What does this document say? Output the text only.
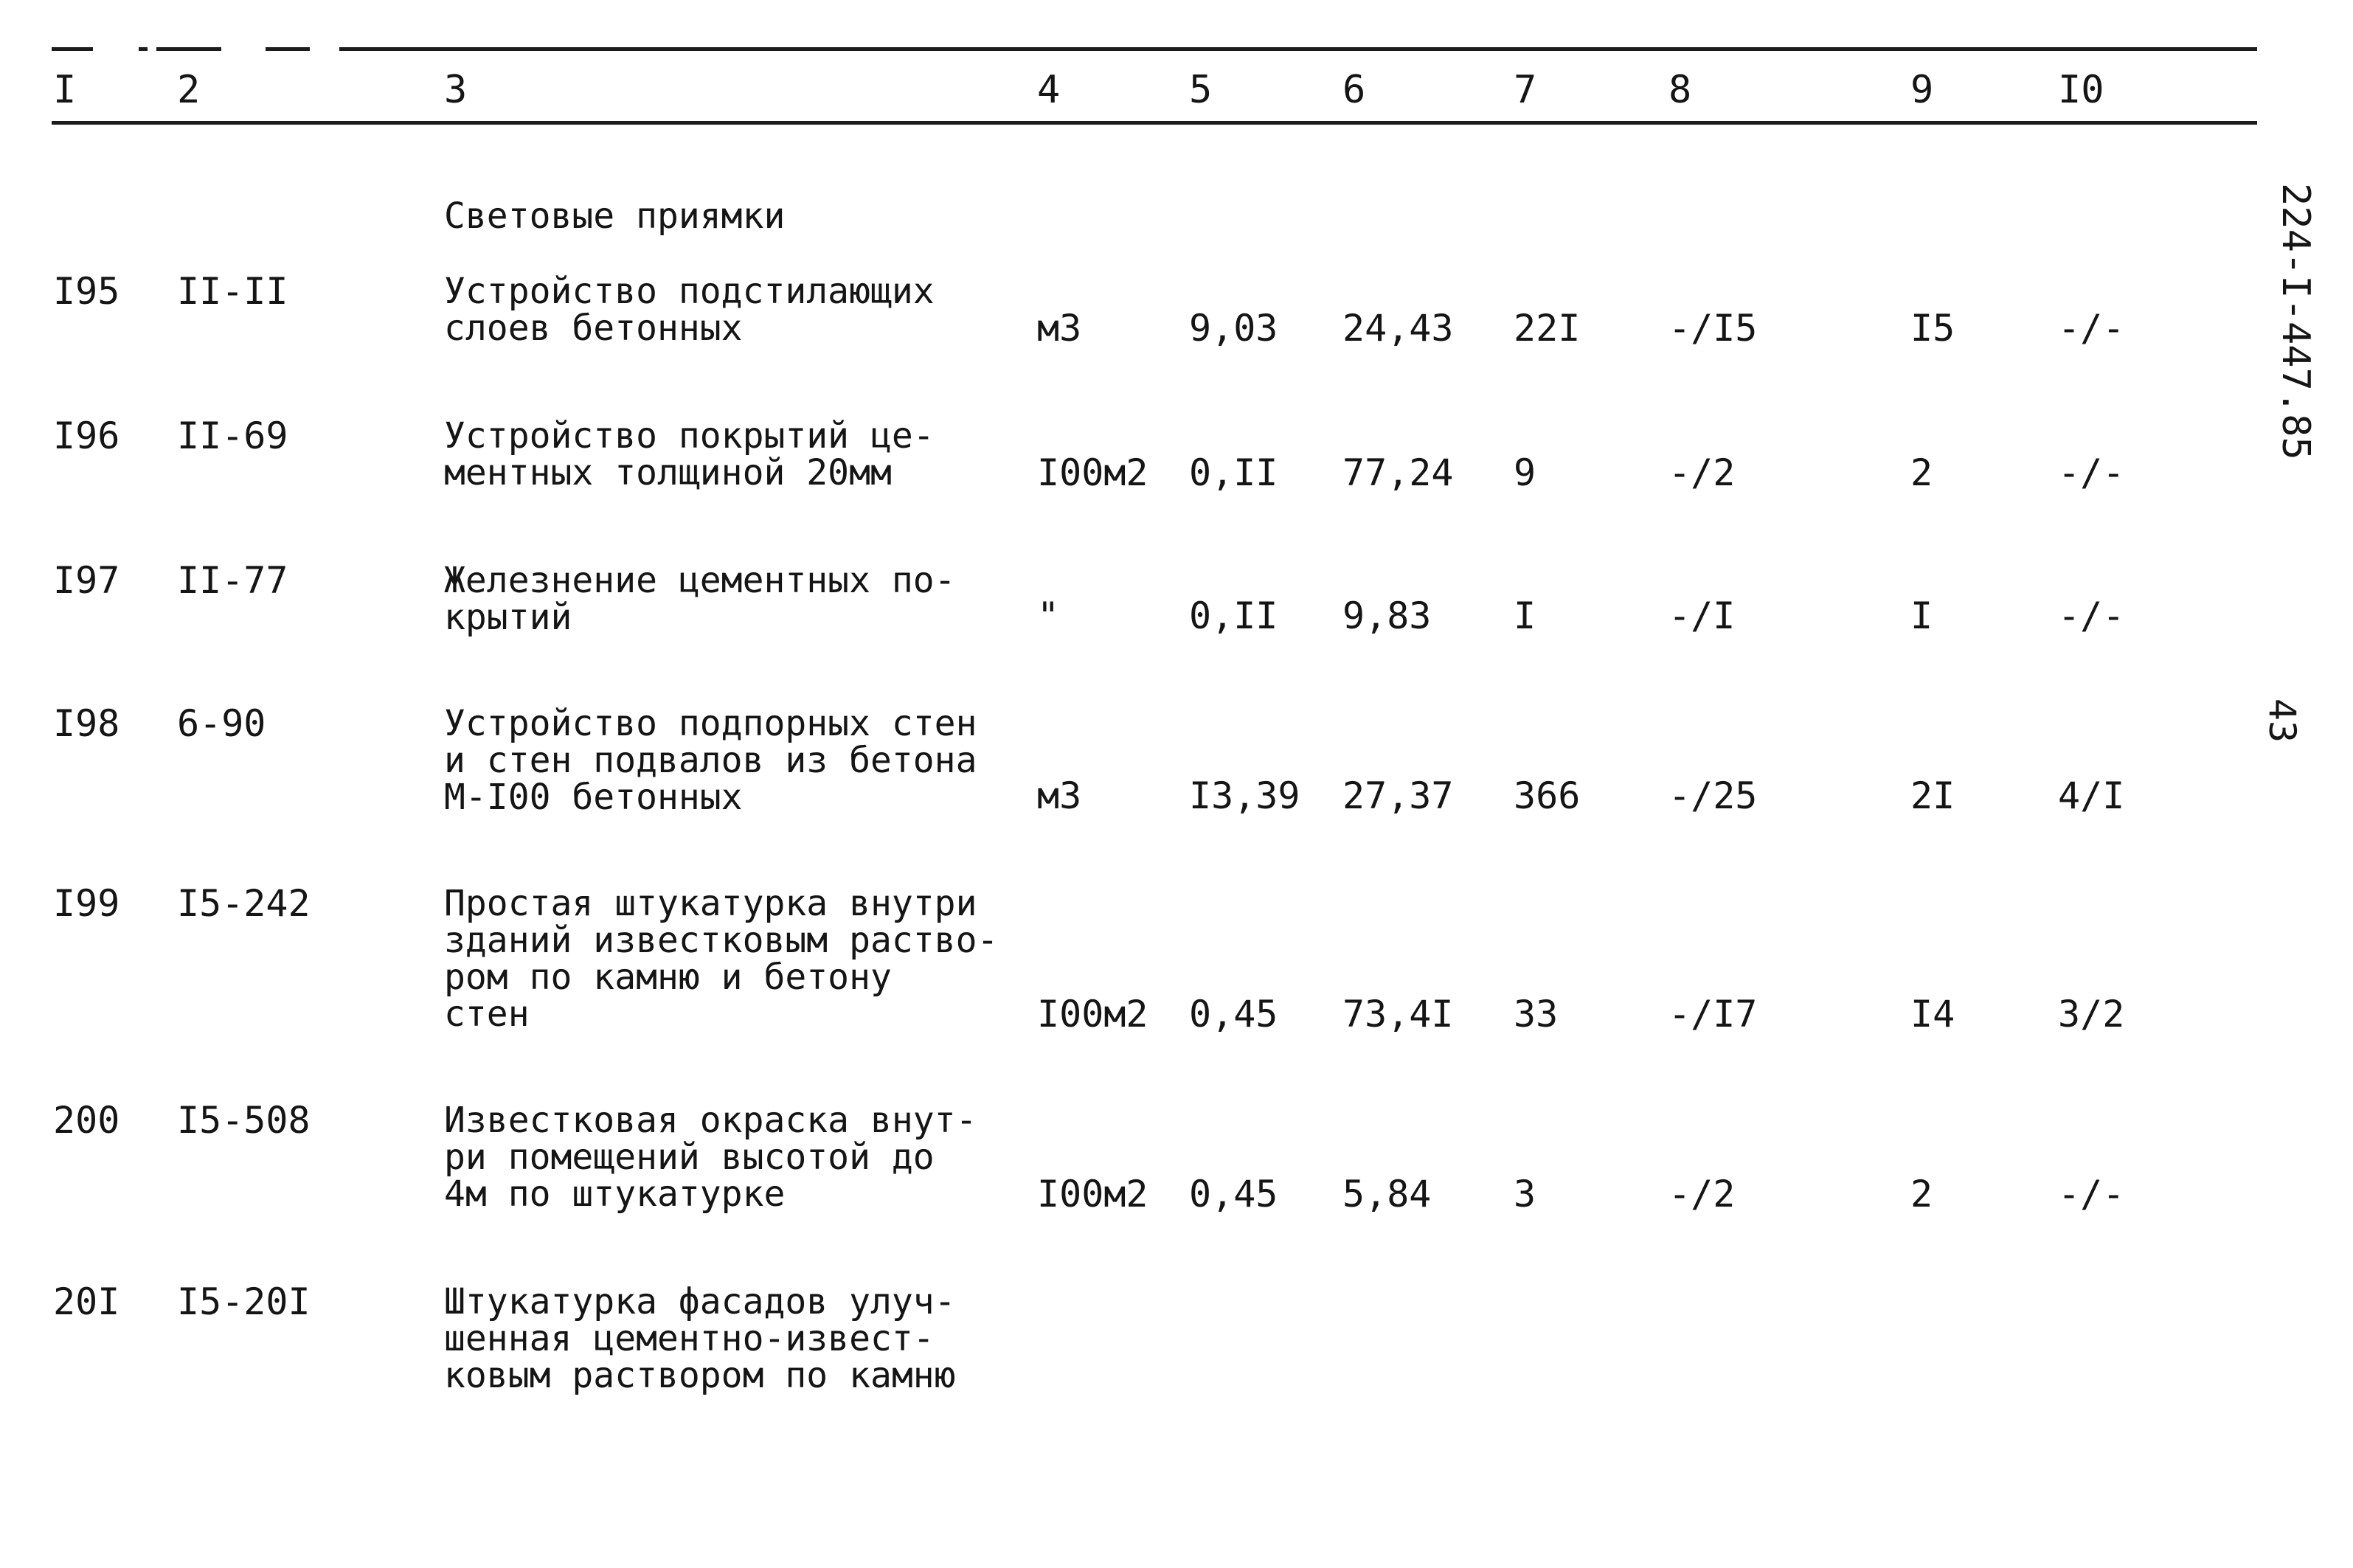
I	2	3	4	5	6	7	8	9	I0
Световые приямки
I95 II-II	Устройство подстилающих
слоев бетонных	м3	9,03 24,43 22I -/I5	I5	-/-
I96 II-69	Устройство покрытий це-
ментных толщиной 20мм	I00м2 0,II 77,24 9	-/2	2	-/-
I97 II-77	Железнение цементных по-
крытий	"	0,II 9,83 I	-/I	I	-/-
I98 6-90	Устройство подпорных стен
и стен подвалов из бетона
М-I00 бетонных	м3	I3,39 27,37 366 -/25	2I	4/I
I99 I5-242	Простая штукатурка внутри
зданий известковым раство-
ром по камню и бетону
стен	I00м2 0,45 73,4I 33	-/I7	I4	3/2
200 I5-508	Известковая окраска внут-
ри помещений высотой до
4м по штукатурке	I00м2 0,45 5,84 3	-/2	2	-/-
20I I5-20I	Штукатурка фасадов улуч-
шенная цементно-извест-
ковым раствором по камню
224-I-447.85
43
